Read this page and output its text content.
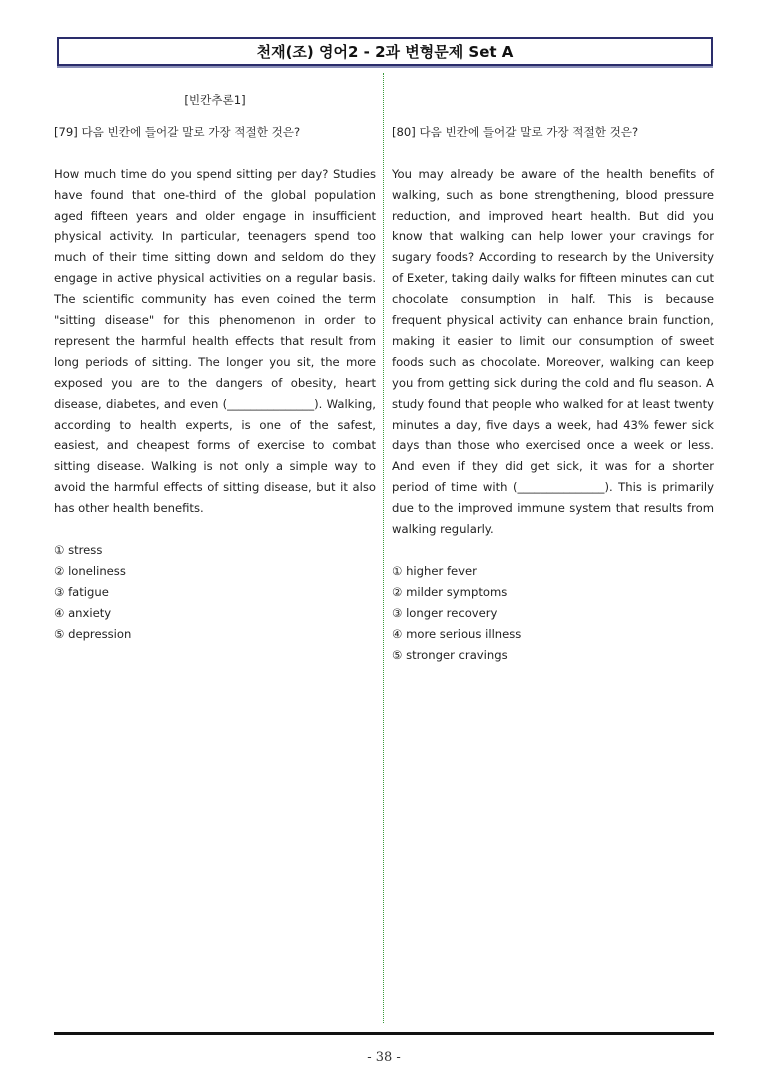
천재(조) 영어2 - 2과 변형문제 Set A
[빈칸추론1]

[79] 다음 빈칸에 들어갈 말로 가장 적절한 것은?

How much time do you spend sitting per day? Studies have found that one-third of the global population aged fifteen years and older engage in insufficient physical activity. In particular, teenagers spend too much of their time sitting down and seldom do they engage in active physical activities on a regular basis. The scientific community has even coined the term "sitting disease" for this phenomenon in order to represent the harmful health effects that result from long periods of sitting. The longer you sit, the more exposed you are to the dangers of obesity, heart disease, diabetes, and even (_______________). Walking, according to health experts, is one of the safest, easiest, and cheapest forms of exercise to combat sitting disease. Walking is not only a simple way to avoid the harmful effects of sitting disease, but it also has other health benefits.

① stress
② loneliness
③ fatigue
④ anxiety
⑤ depression

[80] 다음 빈칸에 들어갈 말로 가장 적절한 것은?

You may already be aware of the health benefits of walking, such as bone strengthening, blood pressure reduction, and improved heart health. But did you know that walking can help lower your cravings for sugary foods? According to research by the University of Exeter, taking daily walks for fifteen minutes can cut chocolate consumption in half. This is because frequent physical activity can enhance brain function, making it easier to limit our consumption of sweet foods such as chocolate. Moreover, walking can keep you from getting sick during the cold and flu season. A study found that people who walked for at least twenty minutes a day, five days a week, had 43% fewer sick days than those who exercised once a week or less. And even if they did get sick, it was for a shorter period of time with (_______________). This is primarily due to the improved immune system that results from walking regularly.

① higher fever
② milder symptoms
③ longer recovery
④ more serious illness
⑤ stronger cravings
- 38 -
